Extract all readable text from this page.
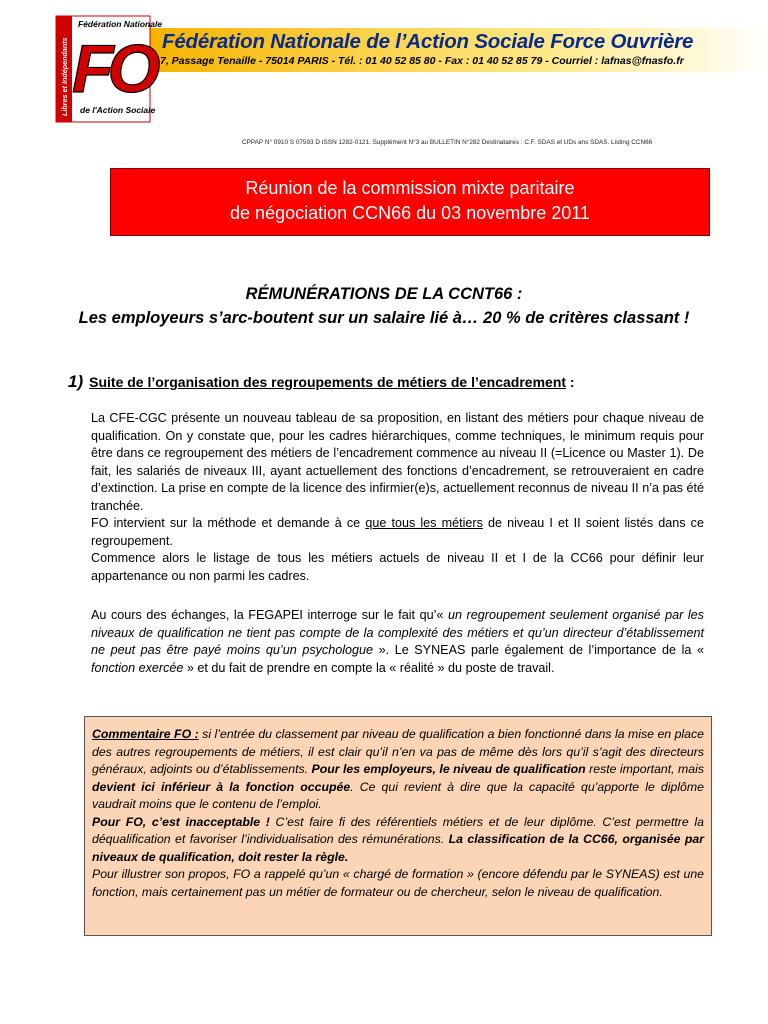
Fédération Nationale
FO
de l'Action Sociale
Libres et Indépendants	Fédération Nationale de l’Action Sociale Force Ouvrière
7, Passage Tenaille - 75014 PARIS - Tél. : 01 40 52 85 80 - Fax : 01 40 52 85 79 - Courriel : lafnas@fnasfo.fr
CPPAP N° 0910 S 07593 D ISSN 1282-0121. Supplément N°3 au BULLETIN N°282 Destinataires : C.F. SDAS et UDs ans SDAS. Listing CCN66
Réunion de la commission mixte paritaire
de négociation CCN66 du 03 novembre 2011
RÉMUNÉRATIONS DE LA CCNT66 :
Les employeurs s’arc-boutent sur un salaire lié à… 20 % de critères classant !
1) Suite de l’organisation des regroupements de métiers de l’encadrement :

La CFE-CGC présente un nouveau tableau de sa proposition, en listant des métiers pour chaque niveau de qualification. On y constate que, pour les cadres hiérarchiques, comme techniques, le minimum requis pour être dans ce regroupement des métiers de l’encadrement commence au niveau II (=Licence ou Master 1). De fait, les salariés de niveaux III, ayant actuellement des fonctions d’encadrement, se retrouveraient en cadre d’extinction. La prise en compte de la licence des infirmier(e)s, actuellement reconnus de niveau II n’a pas été tranchée.

FO intervient sur la méthode et demande à ce que tous les métiers de niveau I et II soient listés dans ce regroupement.

Commence alors le listage de tous les métiers actuels de niveau II et I de la CC66 pour définir leur appartenance ou non parmi les cadres.

Au cours des échanges, la FEGAPEI interroge sur le fait qu’« un regroupement seulement organisé par les niveaux de qualification ne tient pas compte de la complexité des métiers et qu’un directeur d’établissement ne peut pas être payé moins qu’un psychologue ». Le SYNEAS parle également de l’importance de la « fonction exercée » et du fait de prendre en compte la « réalité » du poste de travail.

Commentaire FO : si l’entrée du classement par niveau de qualification a bien fonctionné dans la mise en place des autres regroupements de métiers, il est clair qu’il n’en va pas de même dès lors qu’il s’agit des directeurs généraux, adjoints ou d’établissements. Pour les employeurs, le niveau de qualification reste important, mais devient ici inférieur à la fonction occupée. Ce qui revient à dire que la capacité qu’apporte le diplôme vaudrait moins que le contenu de l’emploi.

Pour FO, c’est inacceptable ! C’est faire fi des référentiels métiers et de leur diplôme. C’est permettre la déqualification et favoriser l’individualisation des rémunérations. La classification de la CC66, organisée par niveaux de qualification, doit rester la règle.

Pour illustrer son propos, FO a rappelé qu’un « chargé de formation » (encore défendu par le SYNEAS) est une fonction, mais certainement pas un métier de formateur ou de chercheur, selon le niveau de qualification.
